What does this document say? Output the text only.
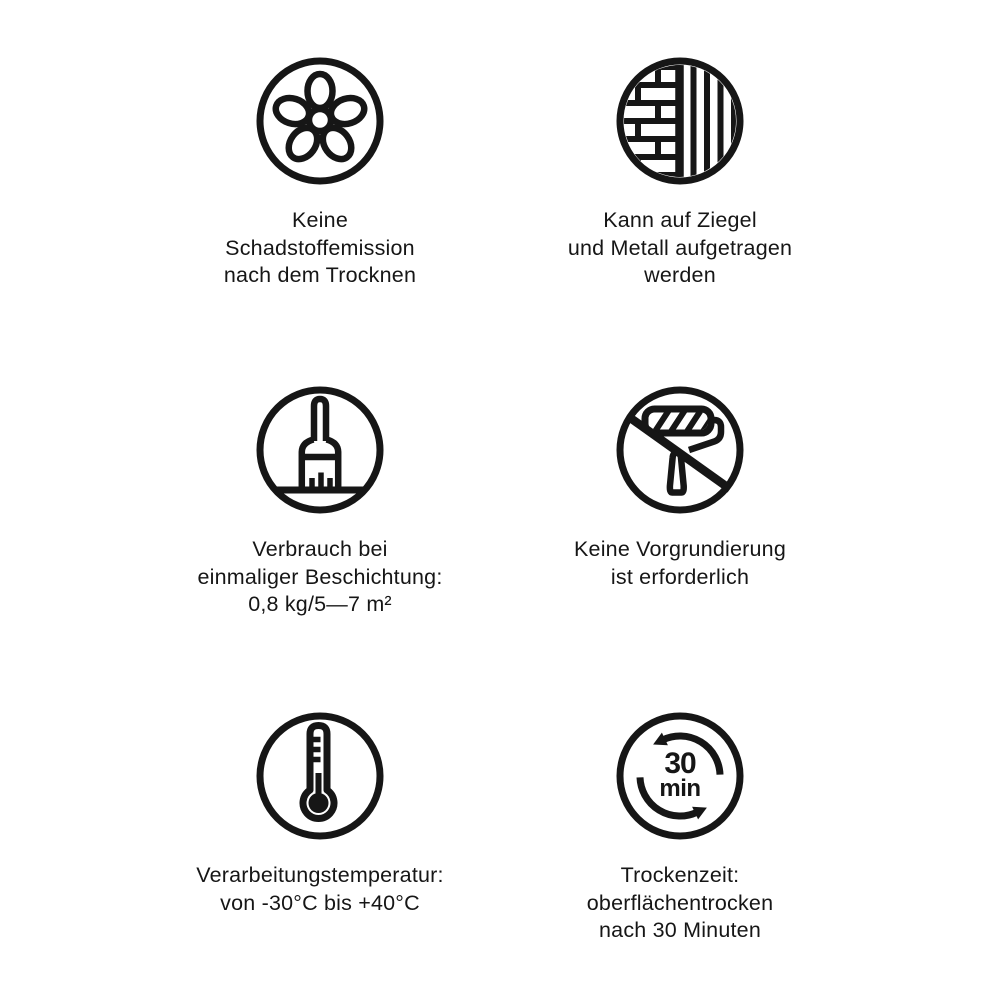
Keine
Schadstoffemission
nach dem Trocknen
Kann auf Ziegel
und Metall aufgetragen
werden
Verbrauch bei
einmaliger Beschichtung:
0,8 kg/5—7 m²
Keine Vorgrundierung
ist erforderlich
Verarbeitungstemperatur:
von -30°C bis +40°C
30
min
Trockenzeit:
oberflächentrocken
nach 30 Minuten
